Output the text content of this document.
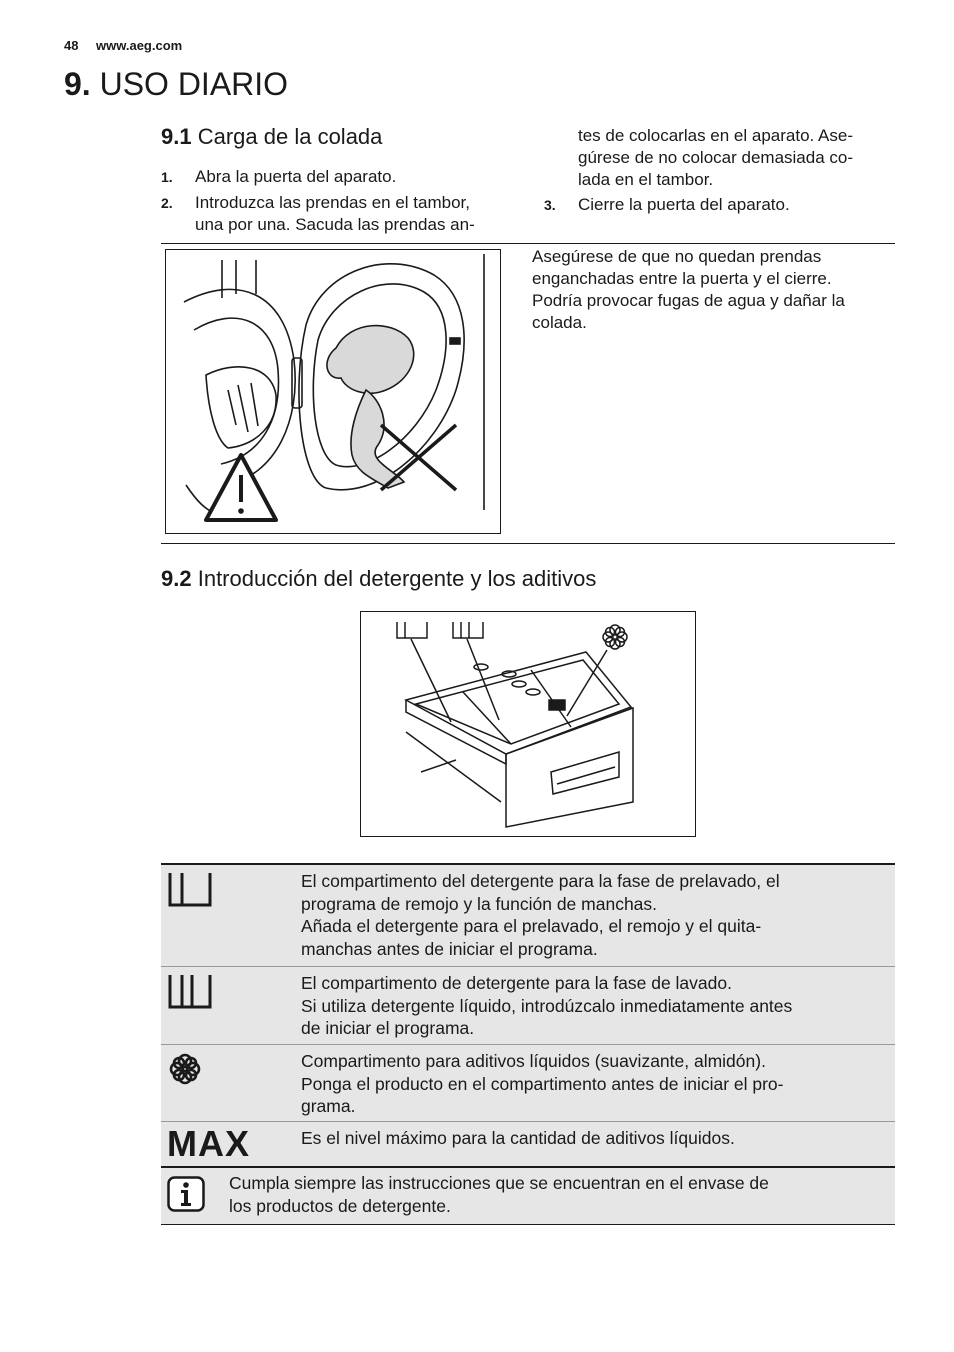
48 www.aeg.com
9. USO DIARIO
9.1 Carga de la colada
1. Abra la puerta del aparato.
2. Introduzca las prendas en el tambor,
una por una. Sacuda las prendas an-
tes de colocarlas en el aparato. Ase-
gúrese de no colocar demasiada co-
lada en el tambor.
3. Cierre la puerta del aparato.
Asegúrese de que no quedan prendas
enganchadas entre la puerta y el cierre.
Podría provocar fugas de agua y dañar la
colada.
9.2 Introducción del detergente y los aditivos
El compartimento del detergente para la fase de prelavado, el
programa de remojo y la función de manchas.
Añada el detergente para el prelavado, el remojo y el quita-
manchas antes de iniciar el programa.
El compartimento de detergente para la fase de lavado.
Si utiliza detergente líquido, introdúzcalo inmediatamente antes
de iniciar el programa.
Compartimento para aditivos líquidos (suavizante, almidón).
Ponga el producto en el compartimento antes de iniciar el pro-
grama.
MAX	Es el nivel máximo para la cantidad de aditivos líquidos.
Cumpla siempre las instrucciones que se encuentran en el envase de
los productos de detergente.
